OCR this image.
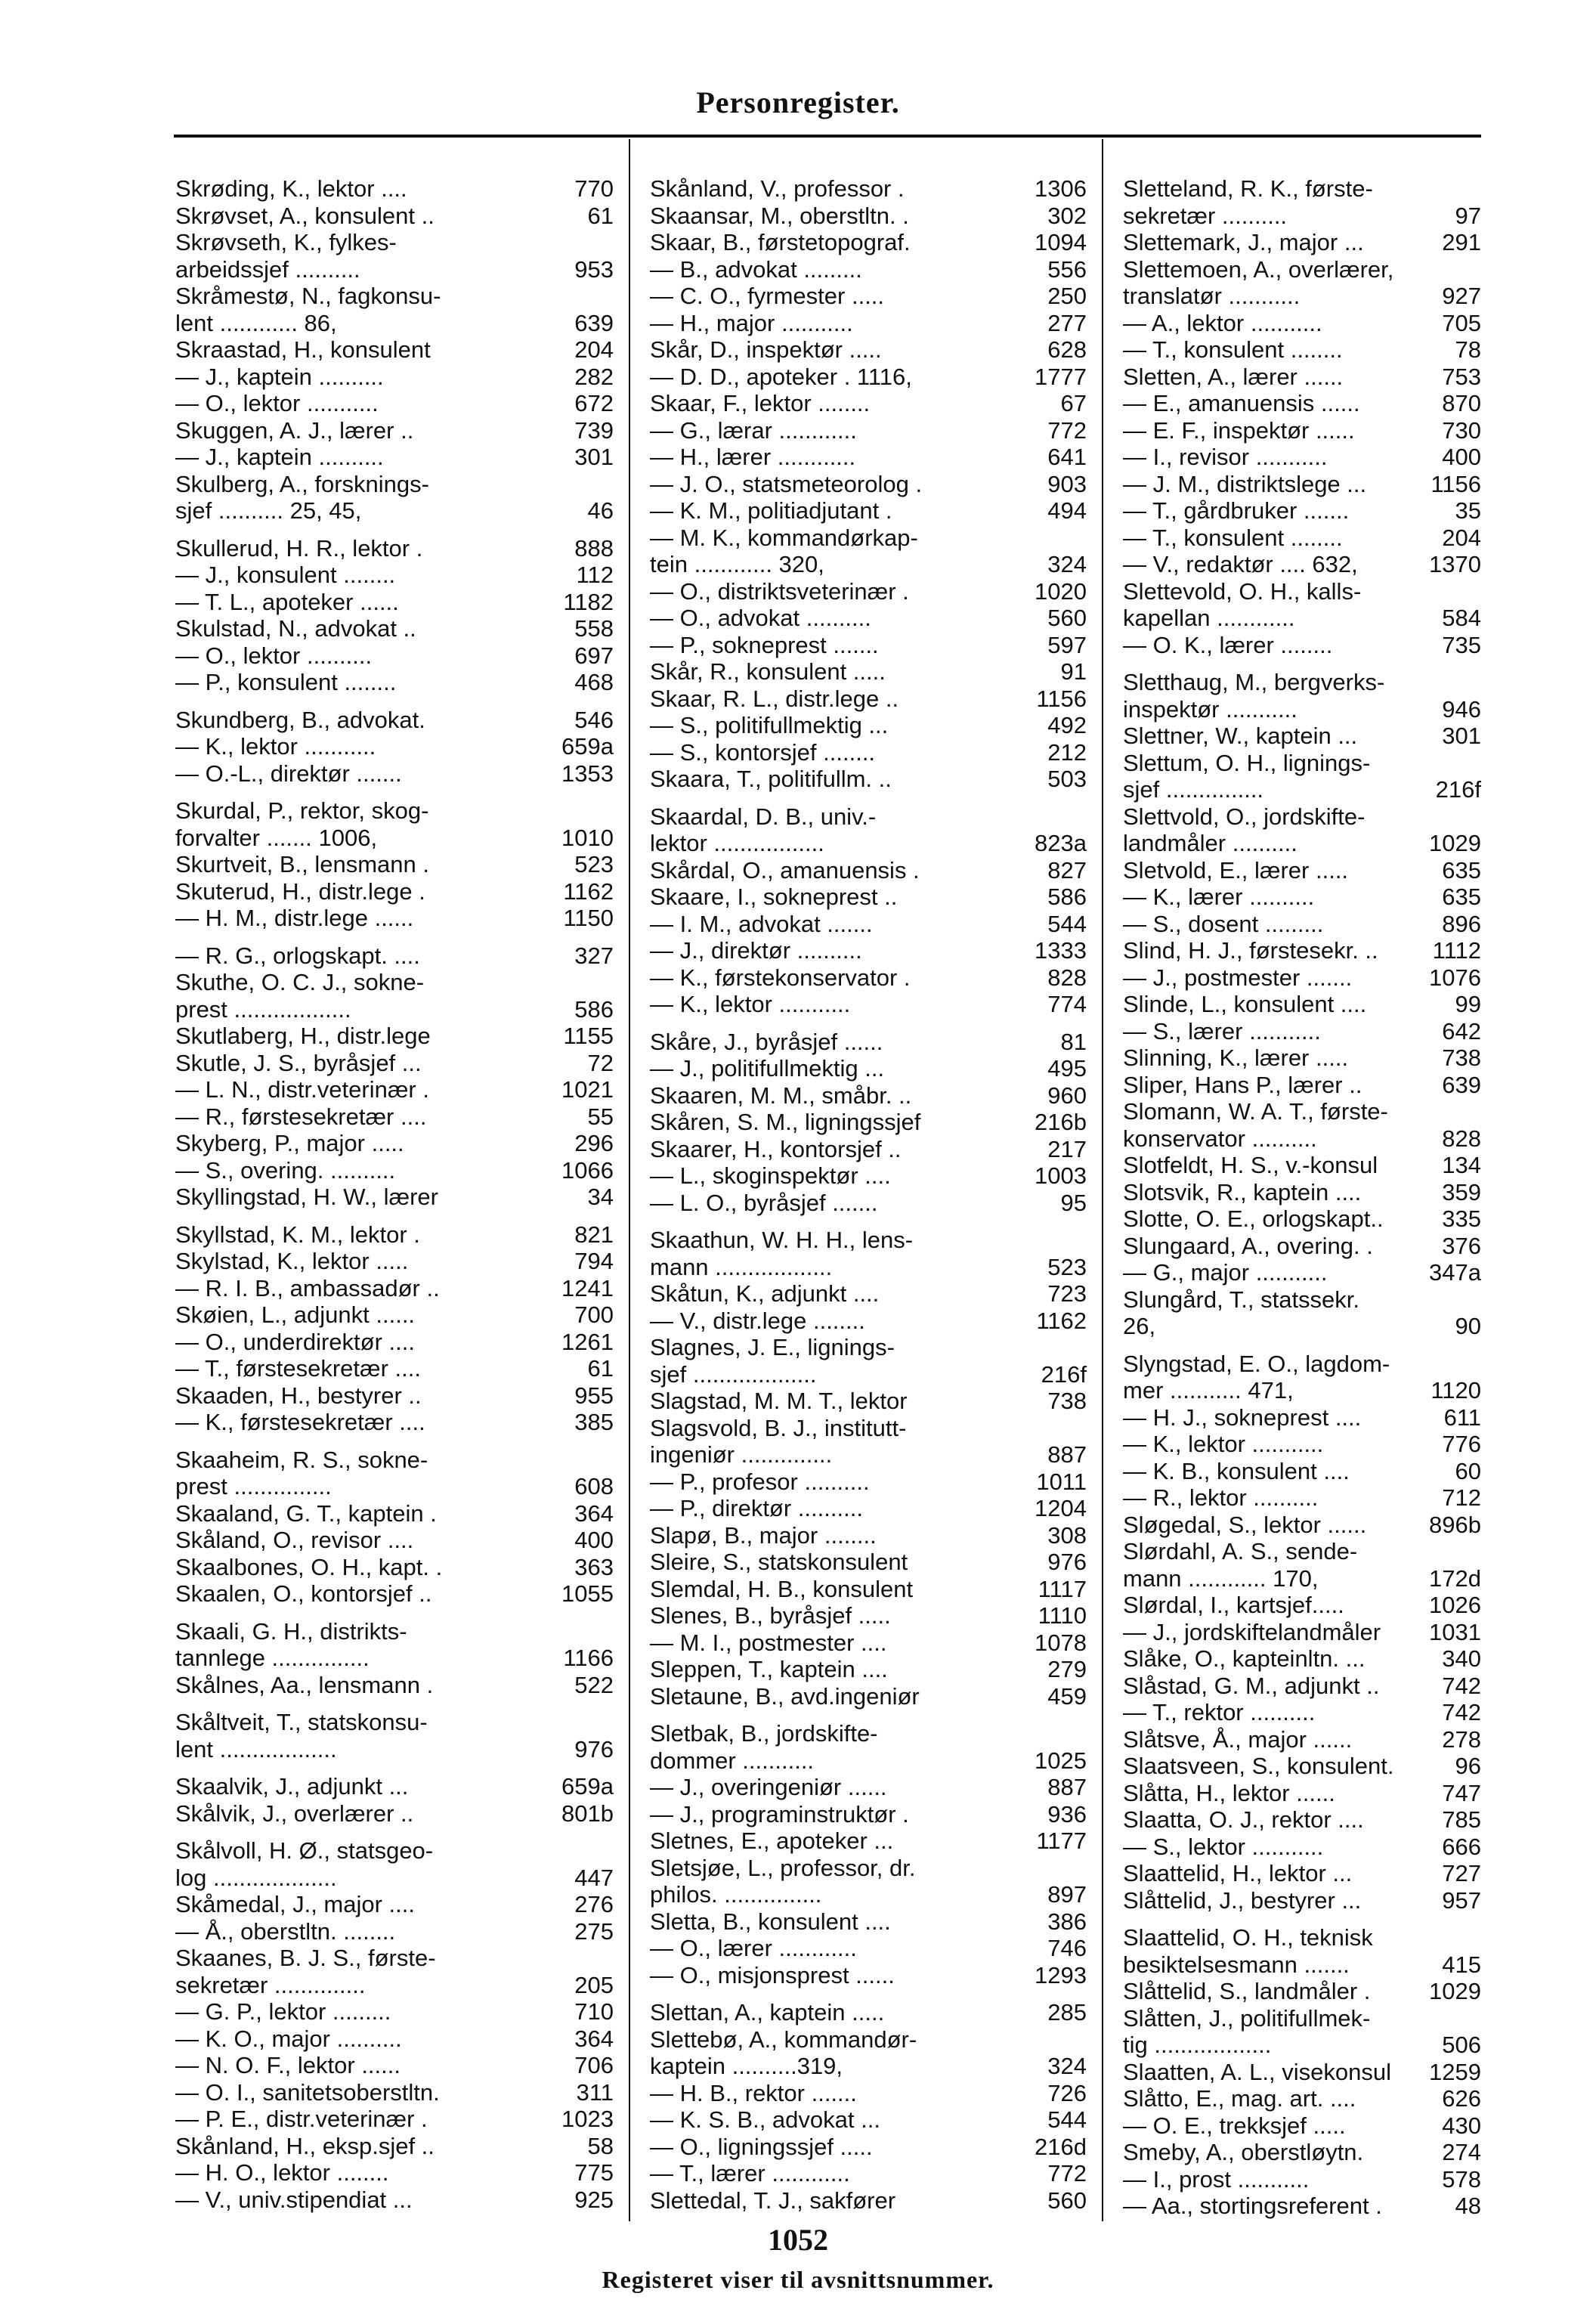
Personregister.
Skrøding, K., lektor ....	770
Skrøvset, A., konsulent ..	61
Skrøvseth, K., fylkes-
arbeidssjef ..........	953
Skråmestø, N., fagkonsu-
lent ............ 86,	639
Skraastad, H., konsulent	204
— J., kaptein ..........	282
— O., lektor ...........	672
Skuggen, A. J., lærer ..	739
— J., kaptein ..........	301
Skulberg, A., forsknings-
sjef .......... 25, 45,	46
Skullerud, H. R., lektor .	888
— J., konsulent ........	112
— T. L., apoteker ......	1182
Skulstad, N., advokat ..	558
— O., lektor ..........	697
— P., konsulent ........	468
Skundberg, B., advokat.	546
— K., lektor ...........	659a
— O.-L., direktør .......	1353
Skurdal, P., rektor, skog-
forvalter ....... 1006,	1010
Skurtveit, B., lensmann .	523
Skuterud, H., distr.lege .	1162
— H. M., distr.lege ......	1150
— R. G., orlogskapt. ....	327
Skuthe, O. C. J., sokne-
prest ..................	586
Skutlaberg, H., distr.lege	1155
Skutle, J. S., byråsjef ...	72
— L. N., distr.veterinær .	1021
— R., førstesekretær ....	55
Skyberg, P., major .....	296
— S., overing. ..........	1066
Skyllingstad, H. W., lærer	34
Skyllstad, K. M., lektor .	821
Skylstad, K., lektor .....	794
— R. I. B., ambassadør ..	1241
Skøien, L., adjunkt ......	700
— O., underdirektør ....	1261
— T., førstesekretær ....	61
Skaaden, H., bestyrer ..	955
— K., førstesekretær ....	385
Skaaheim, R. S., sokne-
prest ...............	608
Skaaland, G. T., kaptein .	364
Skåland, O., revisor ....	400
Skaalbones, O. H., kapt. .	363
Skaalen, O., kontorsjef ..	1055
Skaali, G. H., distrikts-
tannlege ...............	1166
Skålnes, Aa., lensmann .	522
Skåltveit, T., statskonsu-
lent ..................	976
Skaalvik, J., adjunkt ...	659a
Skålvik, J., overlærer ..	801b
Skålvoll, H. Ø., statsgeo-
log ...................	447
Skåmedal, J., major ....	276
— Å., oberstltn. ........	275
Skaanes, B. J. S., første-
sekretær ..............	205
— G. P., lektor .........	710
— K. O., major ..........	364
— N. O. F., lektor ......	706
— O. I., sanitetsoberstltn.	311
— P. E., distr.veterinær .	1023
Skånland, H., eksp.sjef ..	58
— H. O., lektor ........	775
— V., univ.stipendiat ...	925
Skånland, V., professor .	1306
Skaansar, M., oberstltn. .	302
Skaar, B., førstetopograf.	1094
— B., advokat .........	556
— C. O., fyrmester .....	250
— H., major ...........	277
Skår, D., inspektør .....	628
— D. D., apoteker . 1116,	1777
Skaar, F., lektor ........	67
— G., lærar ............	772
— H., lærer ............	641
— J. O., statsmeteorolog .	903
— K. M., politiadjutant .	494
— M. K., kommandørkap-
tein ............ 320,	324
— O., distriktsveterinær .	1020
— O., advokat ..........	560
— P., sokneprest .......	597
Skår, R., konsulent .....	91
Skaar, R. L., distr.lege ..	1156
— S., politifullmektig ...	492
— S., kontorsjef ........	212
Skaara, T., politifullm. ..	503
Skaardal, D. B., univ.-
lektor .................	823a
Skårdal, O., amanuensis .	827
Skaare, I., sokneprest ..	586
— I. M., advokat .......	544
— J., direktør ..........	1333
— K., førstekonservator .	828
— K., lektor ...........	774
Skåre, J., byråsjef ......	81
— J., politifullmektig ...	495
Skaaren, M. M., småbr. ..	960
Skåren, S. M., ligningssjef	216b
Skaarer, H., kontorsjef ..	217
— L., skoginspektør ....	1003
— L. O., byråsjef .......	95
Skaathun, W. H. H., lens-
mann ..................	523
Skåtun, K., adjunkt ....	723
— V., distr.lege ........	1162
Slagnes, J. E., lignings-
sjef ...................	216f
Slagstad, M. M. T., lektor	738
Slagsvold, B. J., institutt-
ingeniør ..............	887
— P., profesor ..........	1011
— P., direktør ..........	1204
Slapø, B., major ........	308
Sleire, S., statskonsulent	976
Slemdal, H. B., konsulent	1117
Slenes, B., byråsjef .....	1110
— M. I., postmester ....	1078
Sleppen, T., kaptein ....	279
Sletaune, B., avd.ingeniør	459
Sletbak, B., jordskifte-
dommer ...........	1025
— J., overingeniør ......	887
— J., programinstruktør .	936
Sletnes, E., apoteker ...	1177
Sletsjøe, L., professor, dr.
philos. ...............	897
Sletta, B., konsulent ....	386
— O., lærer ............	746
— O., misjonsprest ......	1293
Slettan, A., kaptein .....	285
Slettebø, A., kommandør-
kaptein ..........319,	324
— H. B., rektor .......	726
— K. S. B., advokat ...	544
— O., ligningssjef .....	216d
— T., lærer ............	772
Slettedal, T. J., sakfører	560
Sletteland, R. K., første-
sekretær ..........	97
Slettemark, J., major ...	291
Slettemoen, A., overlærer,
translatør ...........	927
— A., lektor ...........	705
— T., konsulent ........	78
Sletten, A., lærer ......	753
— E., amanuensis ......	870
— E. F., inspektør ......	730
— I., revisor ...........	400
— J. M., distriktslege ...	1156
— T., gårdbruker .......	35
— T., konsulent ........	204
— V., redaktør .... 632,	1370
Slettevold, O. H., kalls-
kapellan ............	584
— O. K., lærer ........	735
Sletthaug, M., bergverks-
inspektør ...........	946
Slettner, W., kaptein ...	301
Slettum, O. H., lignings-
sjef ...............	216f
Slettvold, O., jordskifte-
landmåler ..........	1029
Sletvold, E., lærer .....	635
— K., lærer ..........	635
— S., dosent .........	896
Slind, H. J., førstesekr. ..	1112
— J., postmester .......	1076
Slinde, L., konsulent ....	99
— S., lærer ...........	642
Slinning, K., lærer .....	738
Sliper, Hans P., lærer ..	639
Slomann, W. A. T., første-
konservator ..........	828
Slotfeldt, H. S., v.-konsul	134
Slotsvik, R., kaptein ....	359
Slotte, O. E., orlogskapt..	335
Slungaard, A., overing. .	376
— G., major ...........	347a
Slungård, T., statssekr.
26,	90
Slyngstad, E. O., lagdom-
mer ........... 471,	1120
— H. J., sokneprest ....	611
— K., lektor ...........	776
— K. B., konsulent ....	60
— R., lektor ..........	712
Sløgedal, S., lektor ......	896b
Slørdahl, A. S., sende-
mann ............ 170,	172d
Slørdal, I., kartsjef.....	1026
— J., jordskiftelandmåler	1031
Slåke, O., kapteinltn. ...	340
Slåstad, G. M., adjunkt ..	742
— T., rektor ..........	742
Slåtsve, Å., major ......	278
Slaatsveen, S., konsulent.	96
Slåtta, H., lektor ......	747
Slaatta, O. J., rektor ....	785
— S., lektor ...........	666
Slaattelid, H., lektor ...	727
Slåttelid, J., bestyrer ...	957
Slaattelid, O. H., teknisk
besiktelsesmann .......	415
Slåttelid, S., landmåler .	1029
Slåtten, J., politifullmek-
tig ..................	506
Slaatten, A. L., visekonsul	1259
Slåtto, E., mag. art. ....	626
— O. E., trekksjef .....	430
Smeby, A., oberstløytn.	274
— I., prost ...........	578
— Aa., stortingsreferent .	48
1052
Registeret viser til avsnittsnummer.
